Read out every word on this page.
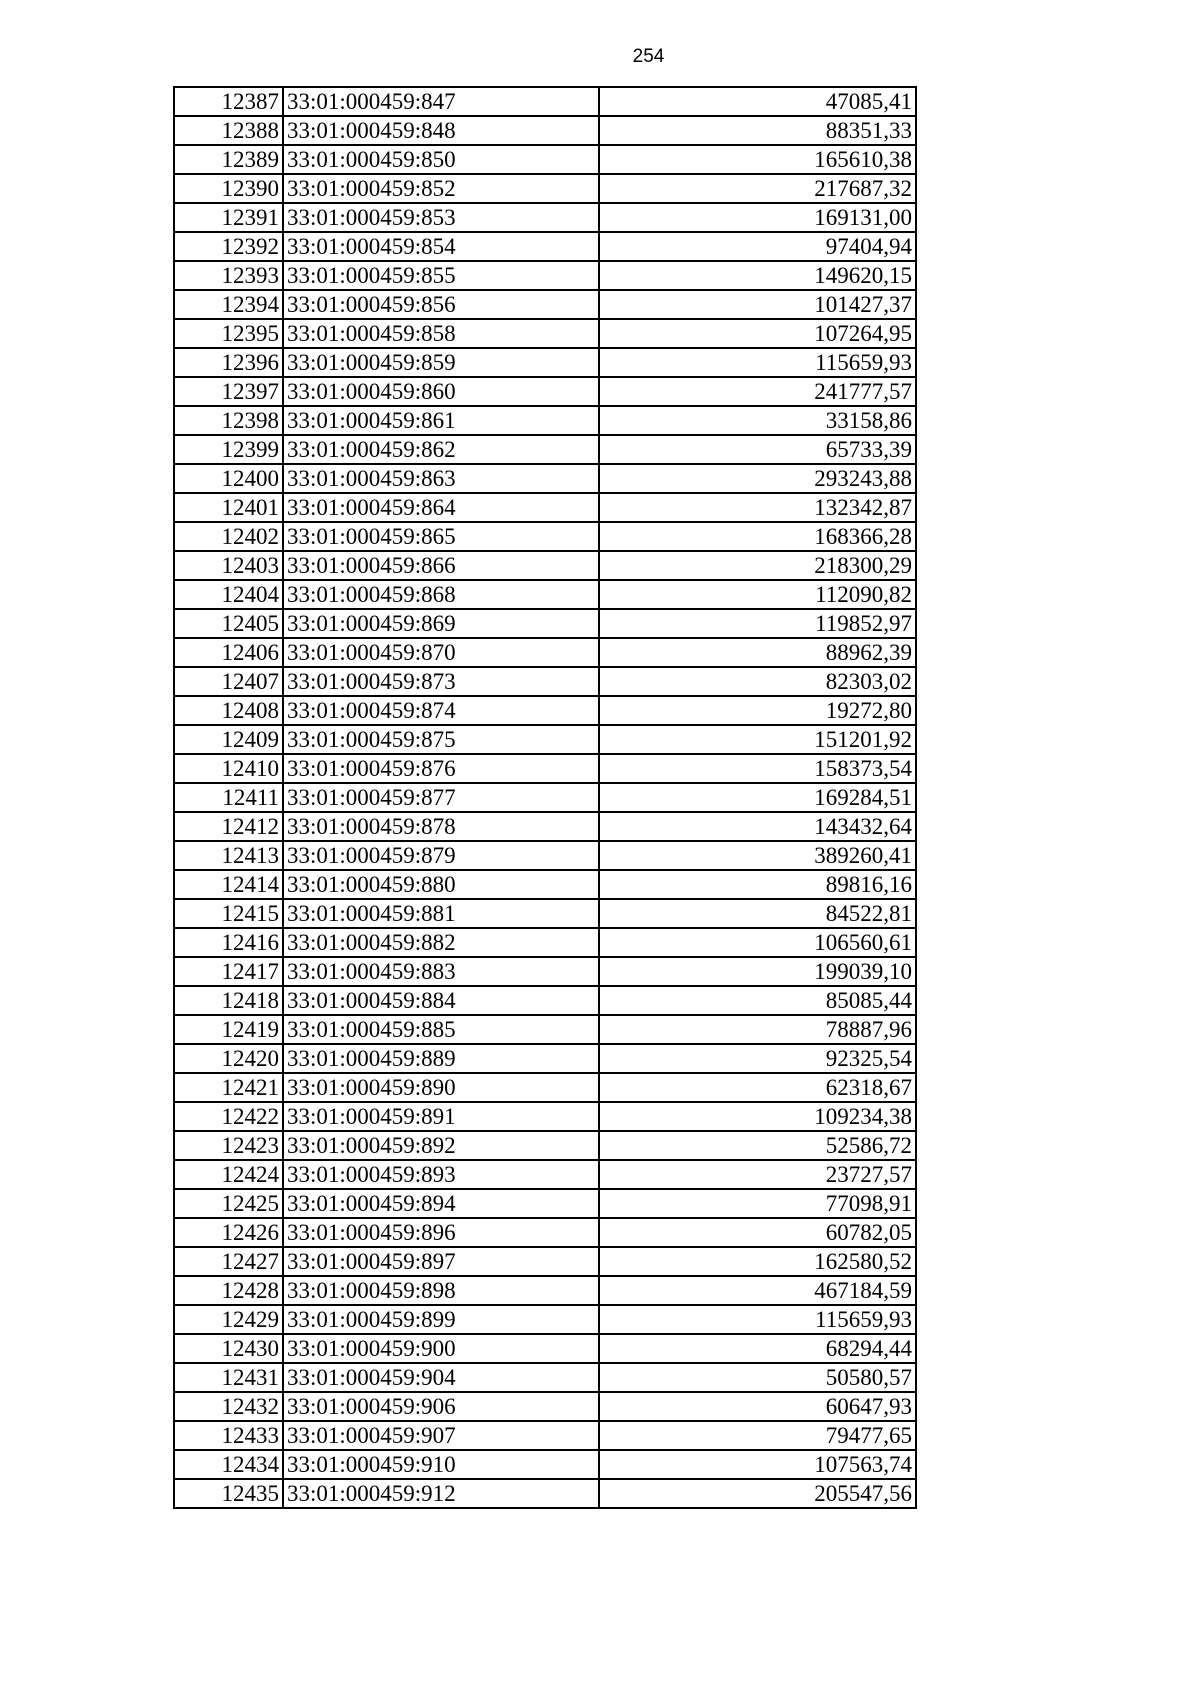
254
12387	33:01:000459:847	47085,41
12388	33:01:000459:848	88351,33
12389	33:01:000459:850	165610,38
12390	33:01:000459:852	217687,32
12391	33:01:000459:853	169131,00
12392	33:01:000459:854	97404,94
12393	33:01:000459:855	149620,15
12394	33:01:000459:856	101427,37
12395	33:01:000459:858	107264,95
12396	33:01:000459:859	115659,93
12397	33:01:000459:860	241777,57
12398	33:01:000459:861	33158,86
12399	33:01:000459:862	65733,39
12400	33:01:000459:863	293243,88
12401	33:01:000459:864	132342,87
12402	33:01:000459:865	168366,28
12403	33:01:000459:866	218300,29
12404	33:01:000459:868	112090,82
12405	33:01:000459:869	119852,97
12406	33:01:000459:870	88962,39
12407	33:01:000459:873	82303,02
12408	33:01:000459:874	19272,80
12409	33:01:000459:875	151201,92
12410	33:01:000459:876	158373,54
12411	33:01:000459:877	169284,51
12412	33:01:000459:878	143432,64
12413	33:01:000459:879	389260,41
12414	33:01:000459:880	89816,16
12415	33:01:000459:881	84522,81
12416	33:01:000459:882	106560,61
12417	33:01:000459:883	199039,10
12418	33:01:000459:884	85085,44
12419	33:01:000459:885	78887,96
12420	33:01:000459:889	92325,54
12421	33:01:000459:890	62318,67
12422	33:01:000459:891	109234,38
12423	33:01:000459:892	52586,72
12424	33:01:000459:893	23727,57
12425	33:01:000459:894	77098,91
12426	33:01:000459:896	60782,05
12427	33:01:000459:897	162580,52
12428	33:01:000459:898	467184,59
12429	33:01:000459:899	115659,93
12430	33:01:000459:900	68294,44
12431	33:01:000459:904	50580,57
12432	33:01:000459:906	60647,93
12433	33:01:000459:907	79477,65
12434	33:01:000459:910	107563,74
12435	33:01:000459:912	205547,56
